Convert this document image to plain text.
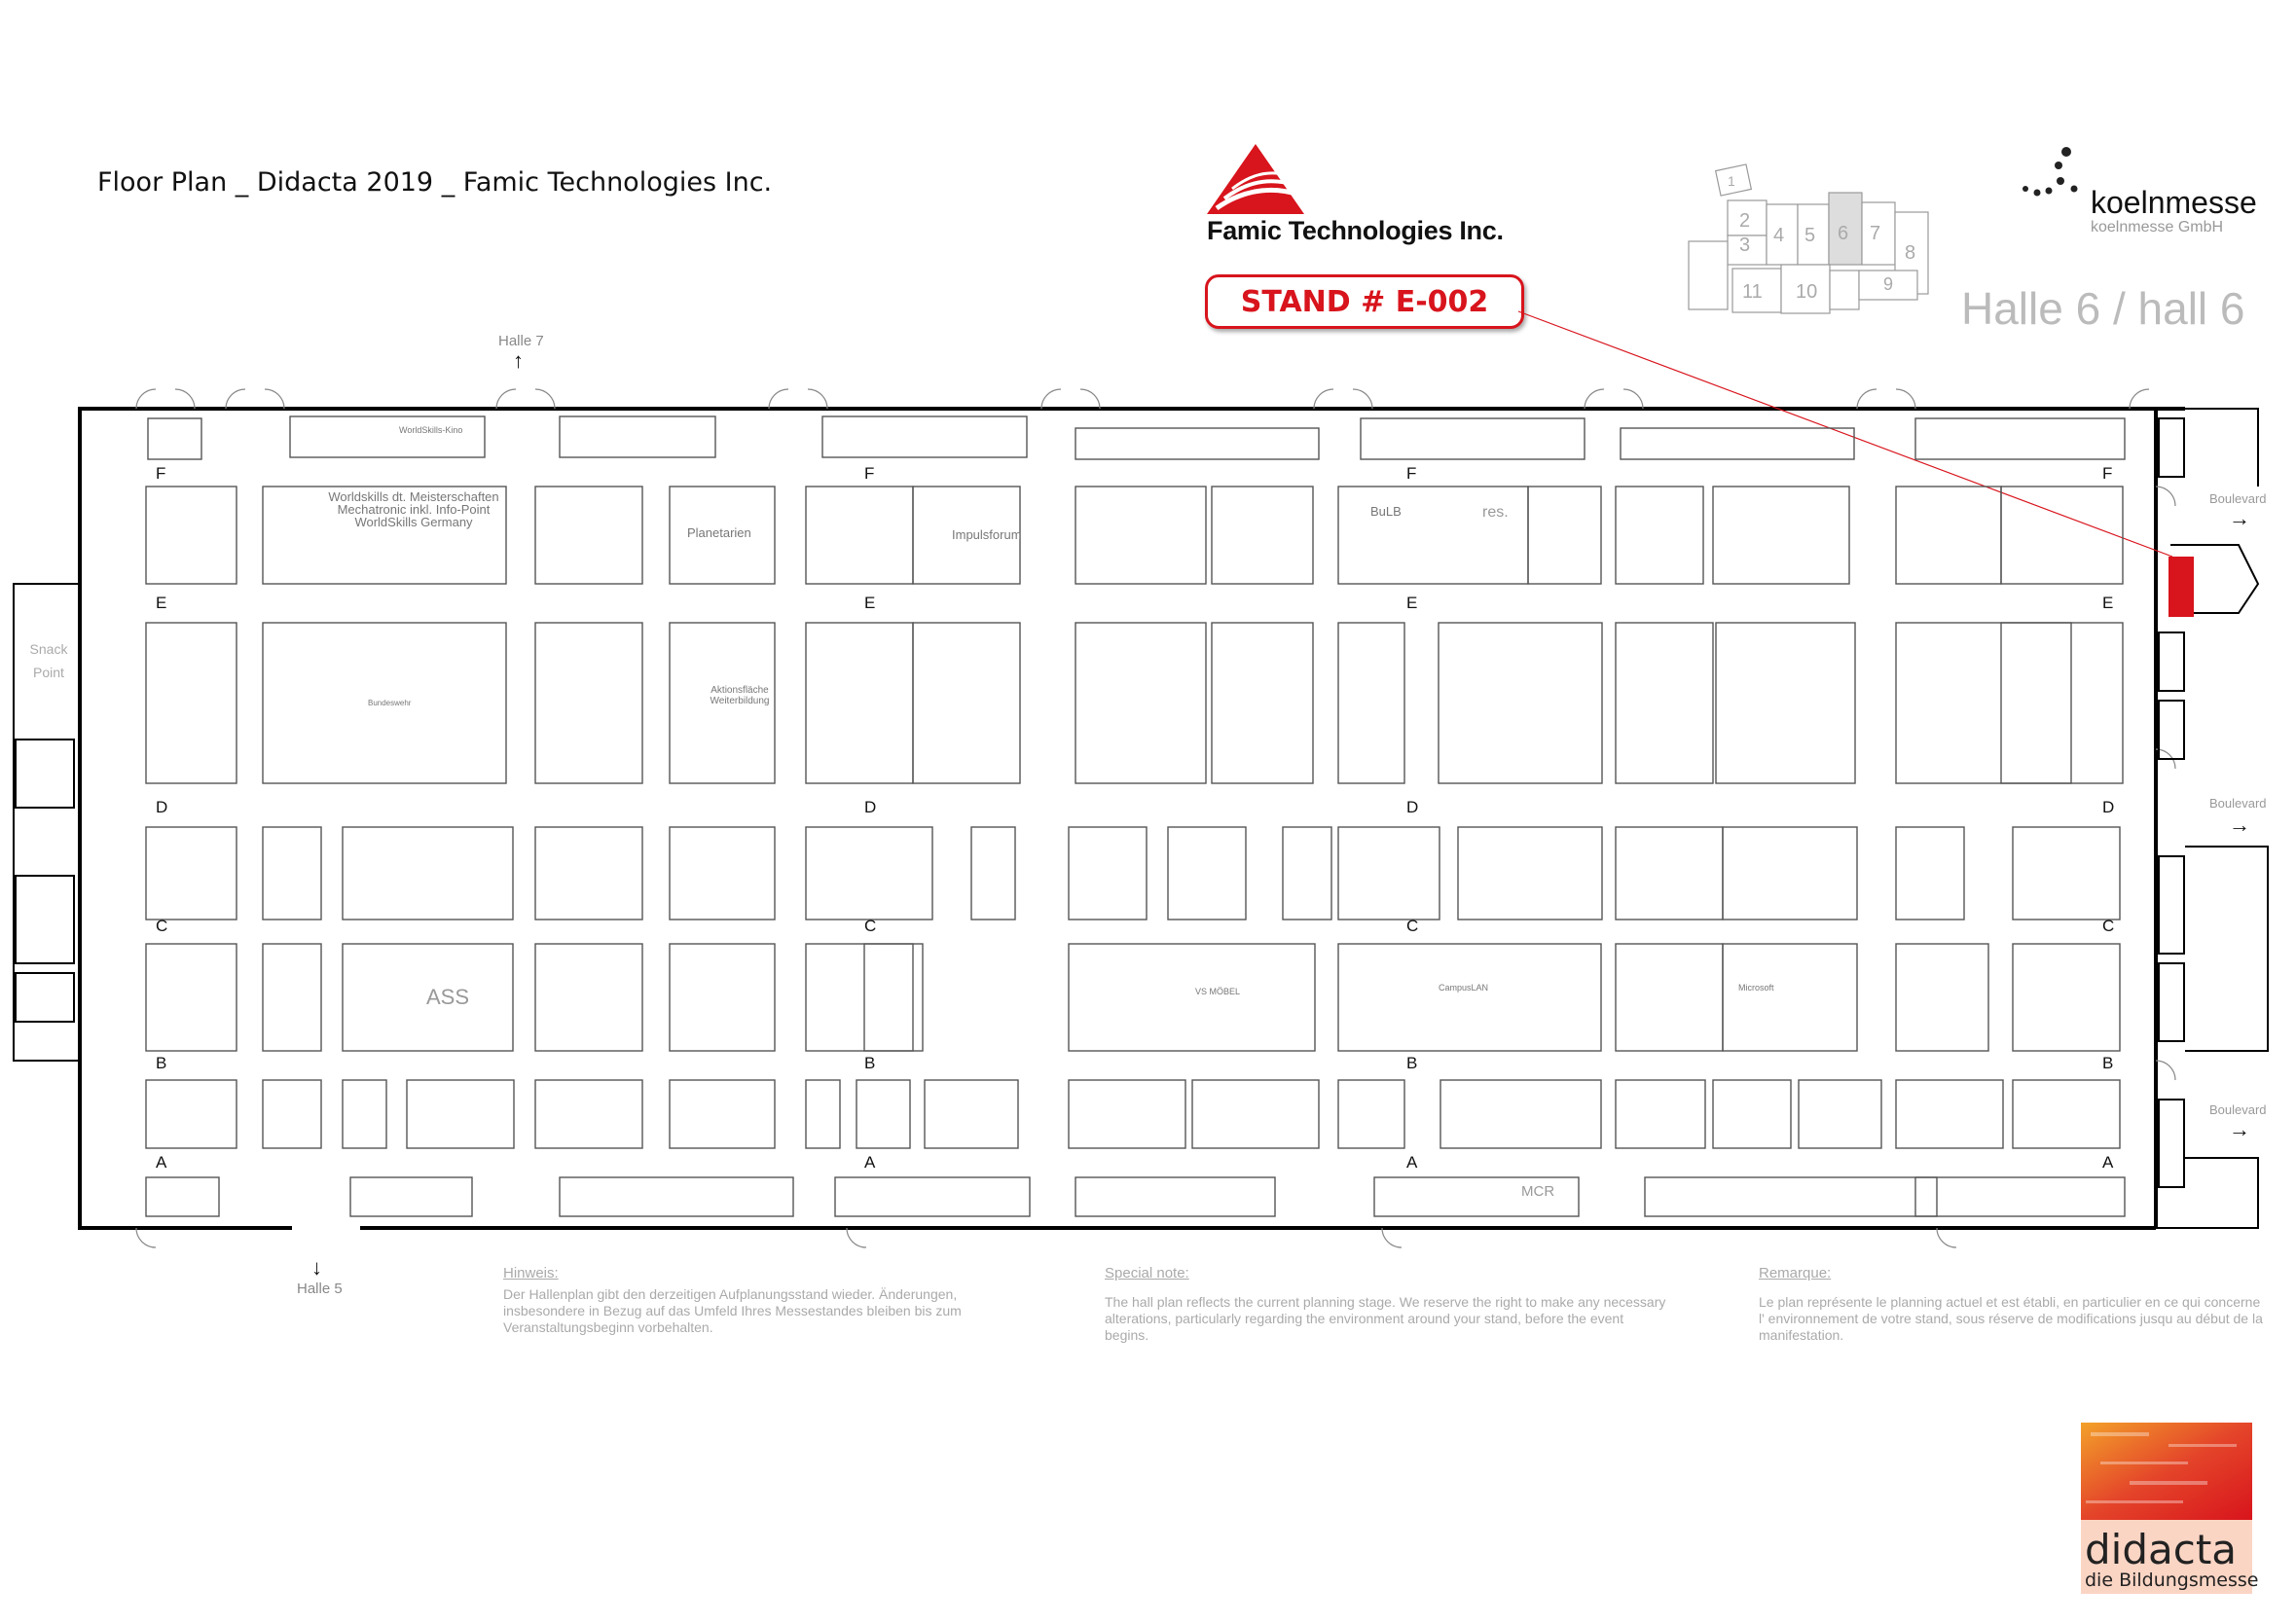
Floor Plan _ Didacta 2019 _ Famic Technologies Inc.
Famic Technologies Inc.
STAND # E-002
koelnmesse
koelnmesse GmbH
Halle 6 / hall 6
1
2
3 4 5 6 7
8
9
10
11
F	F	F	F
E	E	E	E
D	D	D	D
C	C	C	C
B	B	B	B
A	A	A	A
Halle 7
↑
Halle 5
↓
Snack Point
Boulevard
Boulevard
Boulevard
→
→
→
Worldskills dt. Meisterschaften Mechatronic inkl. Info-Point WorldSkills Germany
WorldSkills-Kino
Planetarien	Impulsforum
Aktionsfläche Weiterbildung
Bundeswehr
ASS
BuLB	res.
MCR
Microsoft
CampusLAN
VS MÖBEL
Hinweis:
Der Hallenplan gibt den derzeitigen Aufplanungsstand wieder. Änderungen, insbesondere in Bezug auf das Umfeld Ihres Messestandes bleiben bis zum Veranstaltungsbeginn vorbehalten.
Special note:
The hall plan reflects the current planning stage. We reserve the right to make any necessary alterations, particularly regarding the environment around your stand, before the event begins.
Remarque:
Le plan représente le planning actuel et est établi, en particulier en ce qui concerne l' environnement de votre stand, sous réserve de modifications jusqu au début de la manifestation.
didacta
die Bildungsmesse
